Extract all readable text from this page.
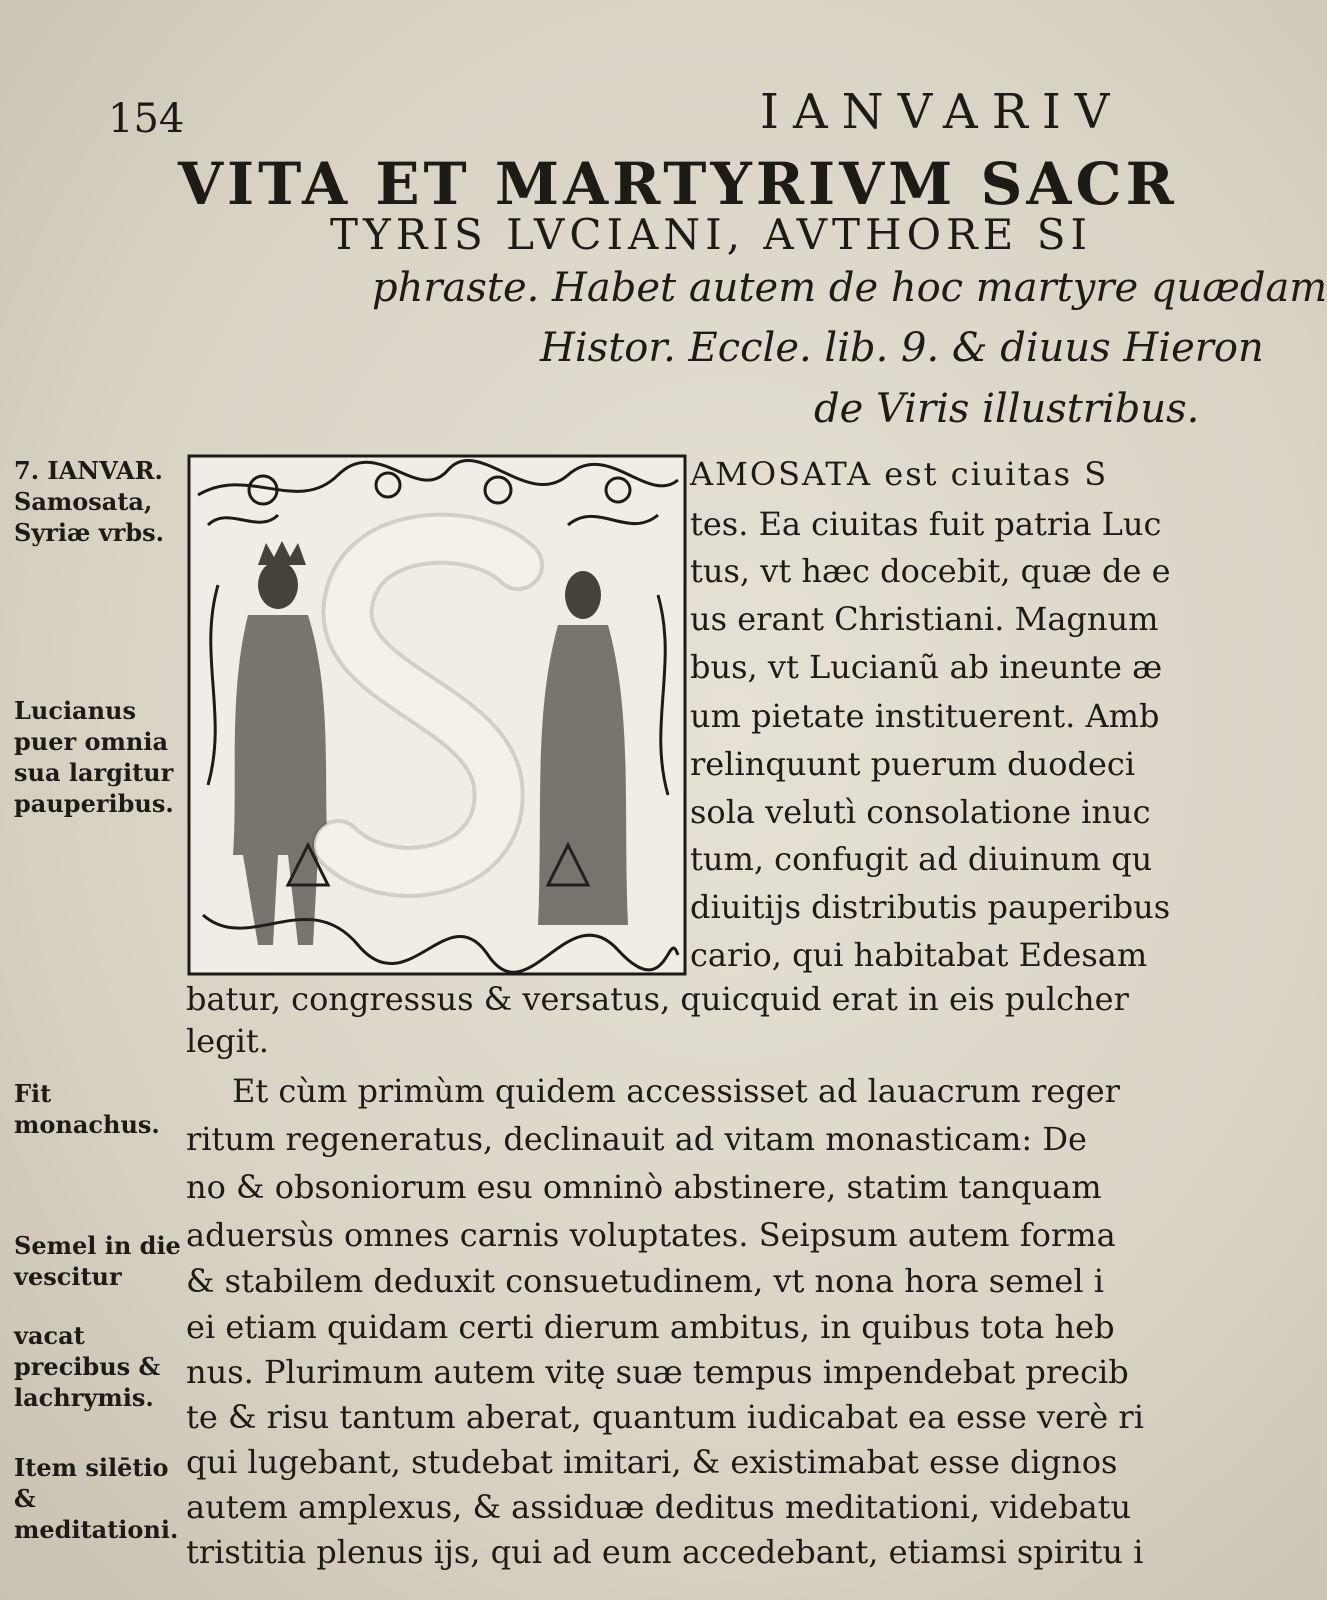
154	IANVARIV
VITA ET MARTYRIVM SACR
TYRIS LVCIANI, AVTHORE SI
phraste. Habet autem de hoc martyre quædam
Histor. Eccle. lib. 9. & diuus Hieron
de Viris illustribus.
7. IANVAR. Samosata, Syriæ vrbs.
Lucianus puer omnia sua largitur pauperibus.
Fit monachus.
Semel in die vescitur
vacat precibus & lachrymis.
Item silētio & meditationi.
AMOSATA est ciuitas S
tes. Ea ciuitas fuit patria Luc
tus, vt hæc docebit, quæ de e
us erant Christiani. Magnum
bus, vt Lucianũ ab ineunte æ
um pietate instituerent. Amb
relinquunt puerum duodeci
sola velutì consolatione inuc
tum, confugit ad diuinum qu
diuitijs distributis pauperibus
cario, qui habitabat Edesam
batur, congressus & versatus, quicquid erat in eis pulcher
legit.
Et cùm primùm quidem accessisset ad lauacrum reger
ritum regeneratus, declinauit ad vitam monasticam: De
no & obsoniorum esu omninò abstinere, statim tanquam
aduersùs omnes carnis voluptates. Seipsum autem forma
& stabilem deduxit consuetudinem, vt nona hora semel i
ei etiam quidam certi dierum ambitus, in quibus tota heb
nus. Plurimum autem vitę suæ tempus impendebat precib
te & risu tantum aberat, quantum iudicabat ea esse verè ri
qui lugebant, studebat imitari, & existimabat esse dignos
autem amplexus, & assiduæ deditus meditationi, videbatu
tristitia plenus ijs, qui ad eum accedebant, etiamsi spiritu i
